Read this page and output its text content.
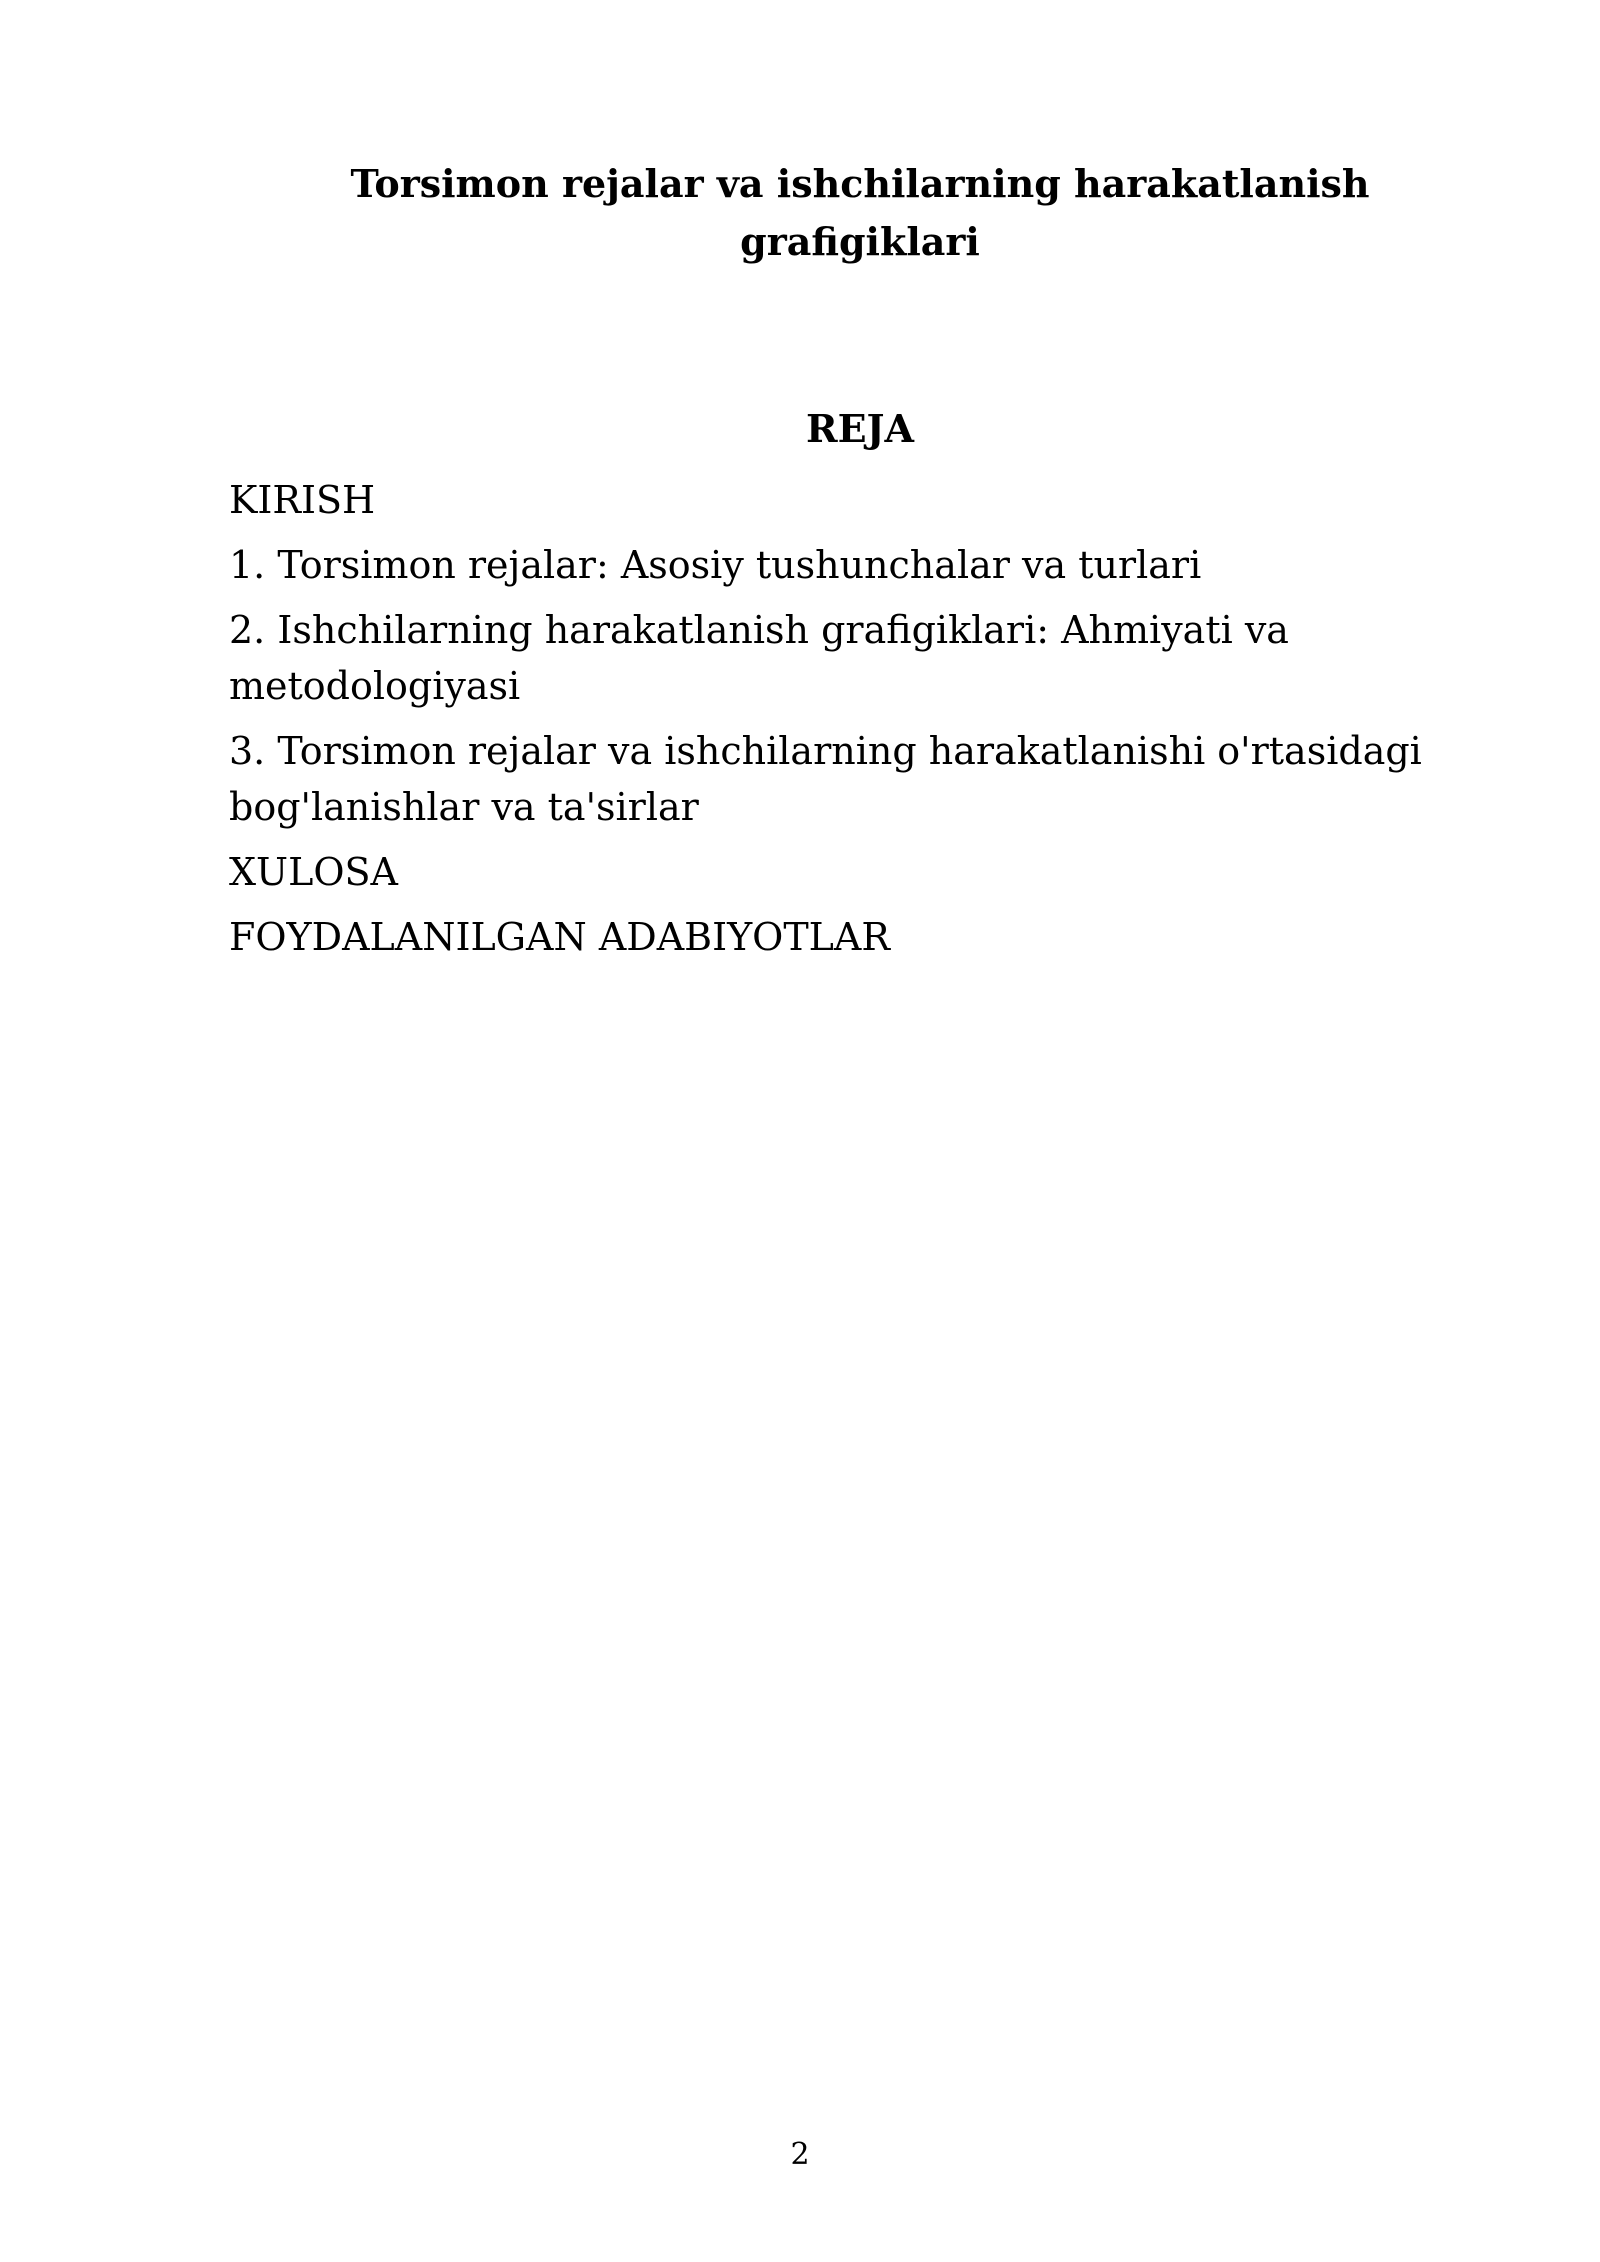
Torsimon rejalar va ishchilarning harakatlanish grafigiklari
REJA
KIRISH
1. Torsimon rejalar: Asosiy tushunchalar va turlari
2. Ishchilarning harakatlanish grafigiklari: Ahmiyati va metodologiyasi
3. Torsimon rejalar va ishchilarning harakatlanishi o'rtasidagi bog'lanishlar va ta'sirlar
XULOSA
FOYDALANILGAN ADABIYOTLAR
2
